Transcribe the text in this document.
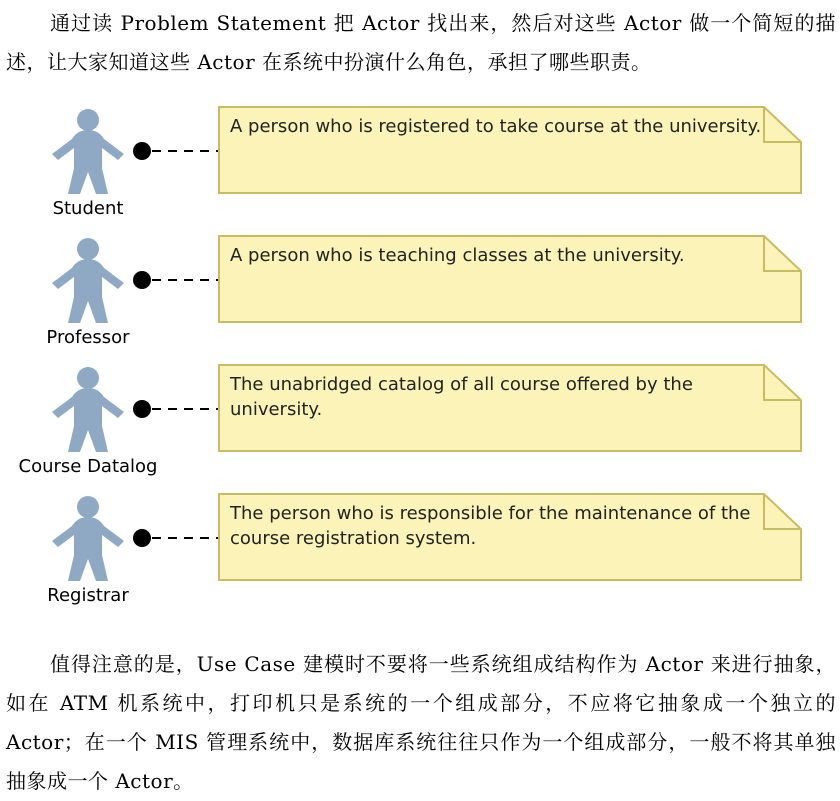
通过读 Problem Statement 把 Actor 找出来，然后对这些 Actor 做一个简短的描述，让大家知道这些 Actor 在系统中扮演什么角色，承担了哪些职责。

Student
A person who is registered to take course at the university.
Professor
A person who is teaching classes at the university.
Course Datalog
The unabridged catalog of all course offered by the university.
Registrar
The person who is responsible for the maintenance of the course registration system.

值得注意的是，Use Case 建模时不要将一些系统组成结构作为 Actor 来进行抽象，如在 ATM 机系统中，打印机只是系统的一个组成部分，不应将它抽象成一个独立的 Actor；在一个 MIS 管理系统中，数据库系统往往只作为一个组成部分，一般不将其单独抽象成一个 Actor。
